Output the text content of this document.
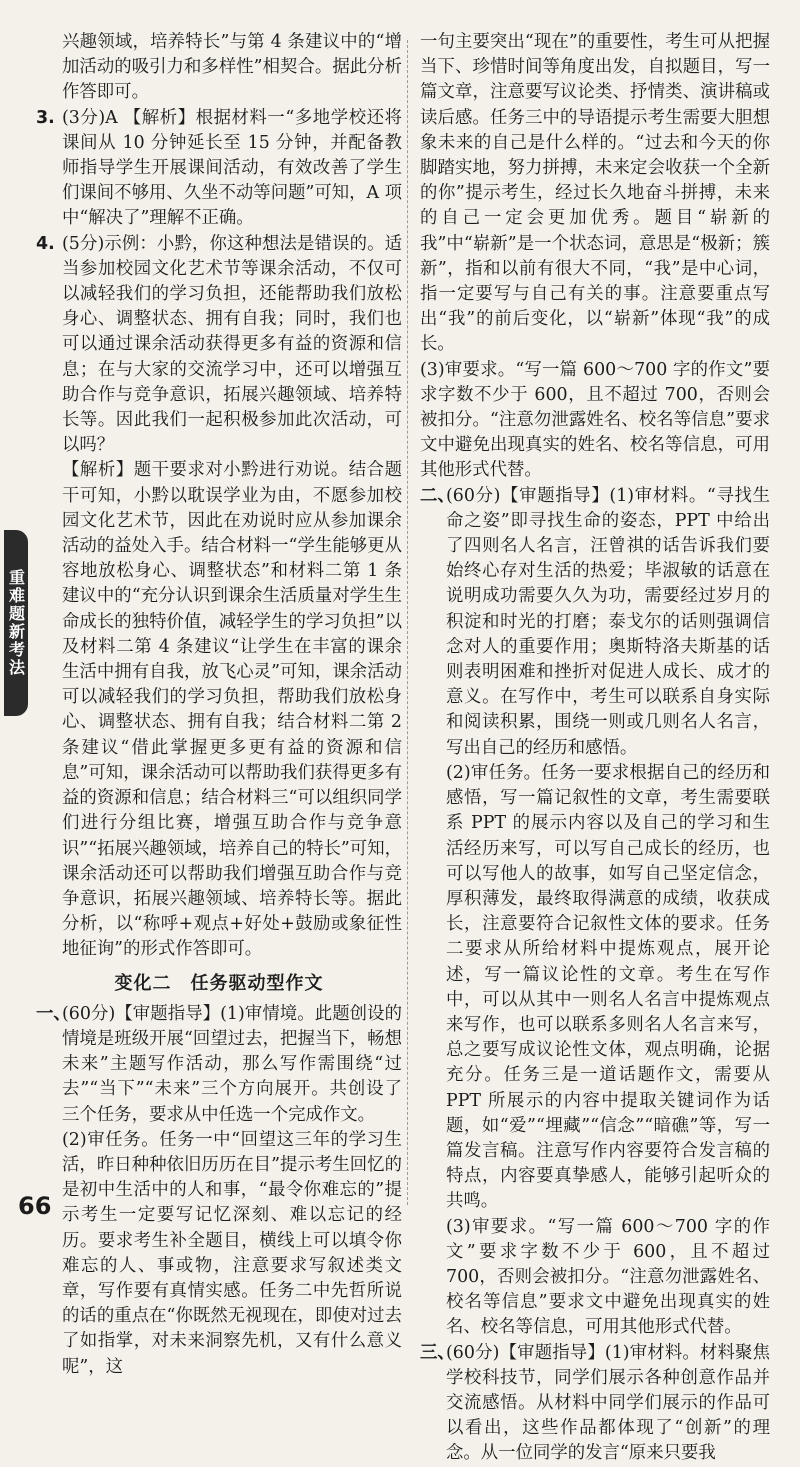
兴趣领域，培养特长”与第 4 条建议中的“增加活动的吸引力和多样性”相契合。据此分析作答即可。

3. (3分)A 【解析】根据材料一“多地学校还将课间从 10 分钟延长至 15 分钟，并配备教师指导学生开展课间活动，有效改善了学生们课间不够用、久坐不动等问题”可知，A 项中“解决了”理解不正确。
4. (5分)示例：小黔，你这种想法是错误的。适当参加校园文化艺术节等课余活动，不仅可以减轻我们的学习负担，还能帮助我们放松身心、调整状态、拥有自我；同时，我们也可以通过课余活动获得更多有益的资源和信息；在与大家的交流学习中，还可以增强互助合作与竞争意识，拓展兴趣领域、培养特长等。因此我们一起积极参加此次活动，可以吗？

【解析】题干要求对小黔进行劝说。结合题干可知，小黔以耽误学业为由，不愿参加校园文化艺术节，因此在劝说时应从参加课余活动的益处入手。结合材料一“学生能够更从容地放松身心、调整状态”和材料二第 1 条建议中的“充分认识到课余生活质量对学生生命成长的独特价值，减轻学生的学习负担”以及材料二第 4 条建议“让学生在丰富的课余生活中拥有自我，放飞心灵”可知，课余活动可以减轻我们的学习负担，帮助我们放松身心、调整状态、拥有自我；结合材料二第 2 条建议“借此掌握更多更有益的资源和信息”可知，课余活动可以帮助我们获得更多有益的资源和信息；结合材料三“可以组织同学们进行分组比赛，增强互助合作与竞争意识”“拓展兴趣领域，培养自己的特长”可知，课余活动还可以帮助我们增强互助合作与竞争意识，拓展兴趣领域、培养特长等。据此分析，以“称呼+观点+好处+鼓励或象征性地征询”的形式作答即可。

变化二　任务驱动型作文
一、
(60分)【审题指导】(1)审情境。此题创设的情境是班级开展“回望过去，把握当下，畅想未来”主题写作活动，那么写作需围绕“过去”“当下”“未来”三个方向展开。共创设了三个任务，要求从中任选一个完成作文。

(2)审任务。任务一中“回望这三年的学习生活，昨日种种依旧历历在目”提示考生回忆的是初中生活中的人和事，“最令你难忘的”提示考生一定要写记忆深刻、难以忘记的经历。要求考生补全题目，横线上可以填令你难忘的人、事或物，注意要求写叙述类文章，写作要有真情实感。任务二中先哲所说的话的重点在“你既然无视现在，即使对过去了如指掌，对未来洞察先机，又有什么意义呢”，这

一句主要突出“现在”的重要性，考生可从把握当下、珍惜时间等角度出发，自拟题目，写一篇文章，注意要写议论类、抒情类、演讲稿或读后感。任务三中的导语提示考生需要大胆想象未来的自己是什么样的。“过去和今天的你脚踏实地，努力拼搏，未来定会收获一个全新的你”提示考生，经过长久地奋斗拼搏，未来的自己一定会更加优秀。题目“崭新的我”中“崭新”是一个状态词，意思是“极新；簇新”，指和以前有很大不同，“我”是中心词，指一定要写与自己有关的事。注意要重点写出“我”的前后变化，以“崭新”体现“我”的成长。

(3)审要求。“写一篇 600～700 字的作文”要求字数不少于 600，且不超过 700，否则会被扣分。“注意勿泄露姓名、校名等信息”要求文中避免出现真实的姓名、校名等信息，可用其他形式代替。

二、
(60分)【审题指导】(1)审材料。“寻找生命之姿”即寻找生命的姿态，PPT 中给出了四则名人名言，汪曾祺的话告诉我们要始终心存对生活的热爱；毕淑敏的话意在说明成功需要久久为功，需要经过岁月的积淀和时光的打磨；泰戈尔的话则强调信念对人的重要作用；奥斯特洛夫斯基的话则表明困难和挫折对促进人成长、成才的意义。在写作中，考生可以联系自身实际和阅读积累，围绕一则或几则名人名言，写出自己的经历和感悟。

(2)审任务。任务一要求根据自己的经历和感悟，写一篇记叙性的文章，考生需要联系 PPT 的展示内容以及自己的学习和生活经历来写，可以写自己成长的经历，也可以写他人的故事，如写自己坚定信念，厚积薄发，最终取得满意的成绩，收获成长，注意要符合记叙性文体的要求。任务二要求从所给材料中提炼观点，展开论述，写一篇议论性的文章。考生在写作中，可以从其中一则名人名言中提炼观点来写作，也可以联系多则名人名言来写，总之要写成议论性文体，观点明确，论据充分。任务三是一道话题作文，需要从 PPT 所展示的内容中提取关键词作为话题，如“爱”“埋藏”“信念”“暗礁”等，写一篇发言稿。注意写作内容要符合发言稿的特点，内容要真挚感人，能够引起听众的共鸣。

(3)审要求。“写一篇 600～700 字的作文”要求字数不少于 600，且不超过 700，否则会被扣分。“注意勿泄露姓名、校名等信息”要求文中避免出现真实的姓名、校名等信息，可用其他形式代替。

三、
(60分)【审题指导】(1)审材料。材料聚焦学校科技节，同学们展示各种创意作品并交流感悟。从材料中同学们展示的作品可以看出，这些作品都体现了“创新”的理念。从一位同学的发言“原来只要我
重难题新考法
66
